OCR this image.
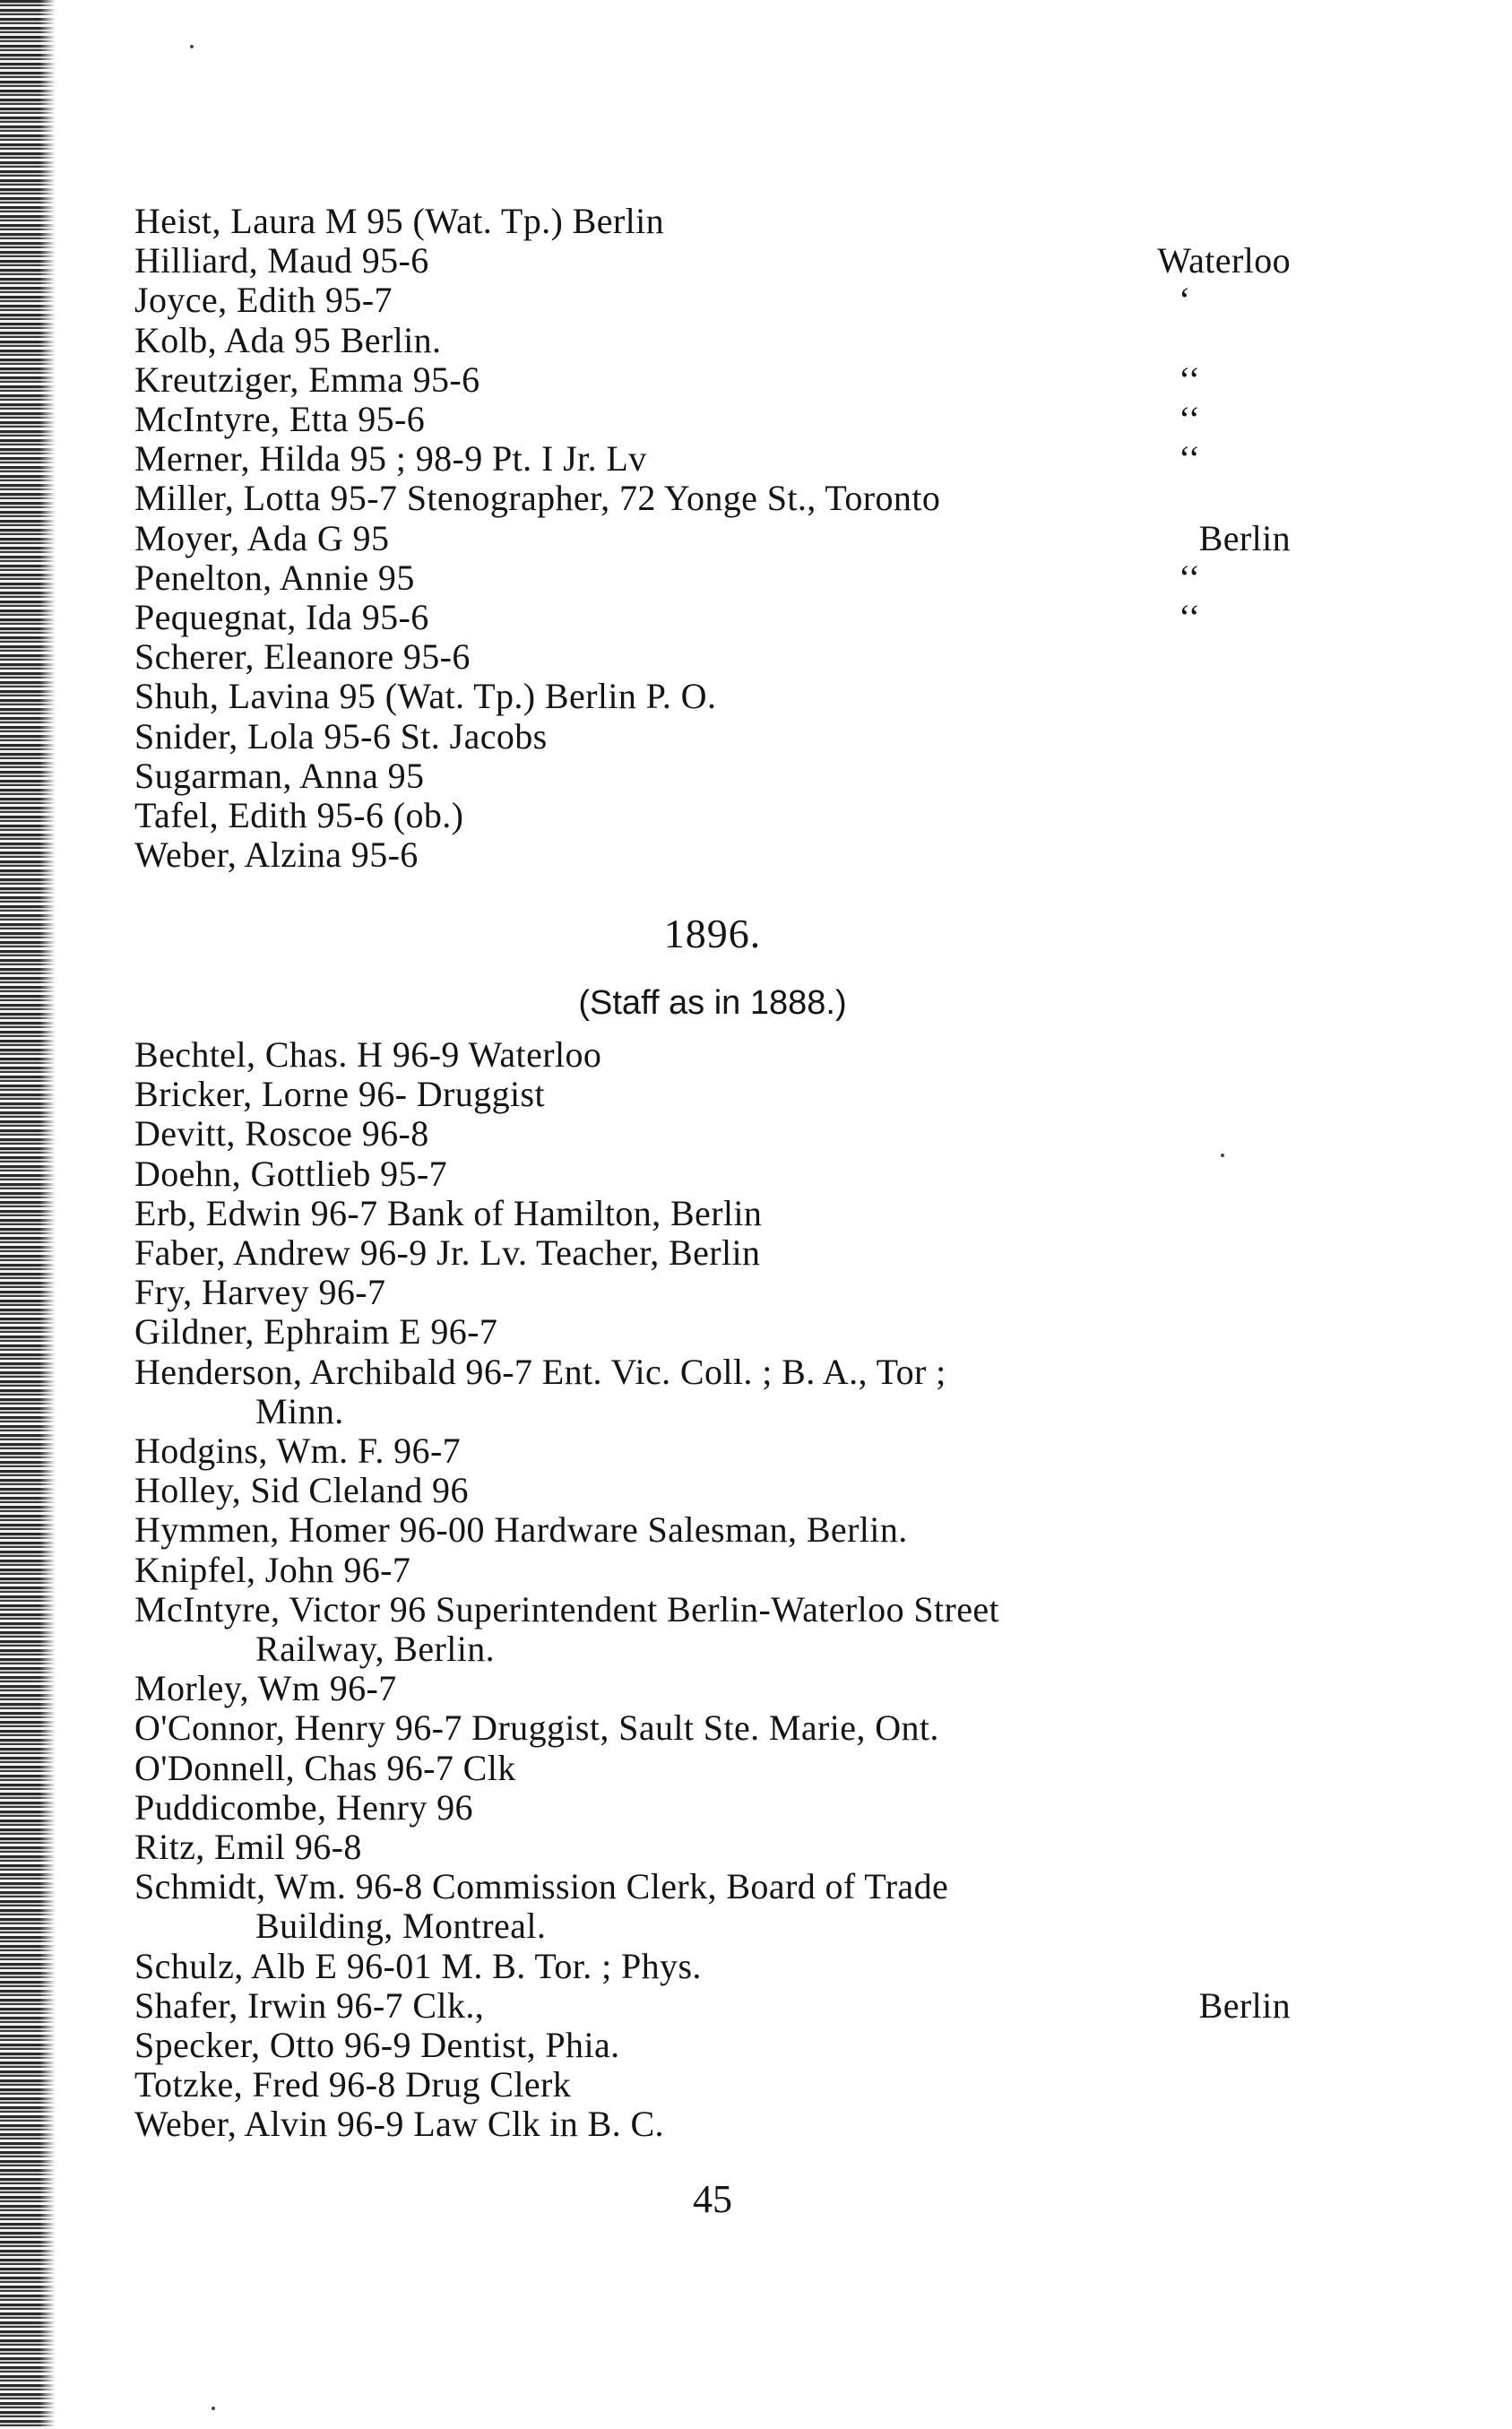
Heist, Laura M 95 (Wat. Tp.) Berlin
Hilliard, Maud 95-6	Waterloo
Joyce, Edith 95-7	‘
Kolb, Ada 95 Berlin.
Kreutziger, Emma 95-6	‘‘
McIntyre, Etta 95-6	‘‘
Merner, Hilda 95 ; 98-9 Pt. I Jr. Lv	‘‘
Miller, Lotta 95-7 Stenographer, 72 Yonge St., Toronto
Moyer, Ada G 95	Berlin
Penelton, Annie 95	‘‘
Pequegnat, Ida 95-6	‘‘
Scherer, Eleanore 95-6
Shuh, Lavina 95 (Wat. Tp.) Berlin P. O.
Snider, Lola 95-6 St. Jacobs
Sugarman, Anna 95
Tafel, Edith 95-6 (ob.)
Weber, Alzina 95-6
1896.
(Staff as in 1888.)
Bechtel, Chas. H 96-9 Waterloo
Bricker, Lorne 96- Druggist
Devitt, Roscoe 96-8
Doehn, Gottlieb 95-7
Erb, Edwin 96-7 Bank of Hamilton, Berlin
Faber, Andrew 96-9 Jr. Lv. Teacher, Berlin
Fry, Harvey 96-7
Gildner, Ephraim E 96-7
Henderson, Archibald 96-7 Ent. Vic. Coll. ; B. A., Tor ;
Minn.
Hodgins, Wm. F. 96-7
Holley, Sid Cleland 96
Hymmen, Homer 96-00 Hardware Salesman, Berlin.
Knipfel, John 96-7
McIntyre, Victor 96 Superintendent Berlin-Waterloo Street
Railway, Berlin.
Morley, Wm 96-7
O'Connor, Henry 96-7 Druggist, Sault Ste. Marie, Ont.
O'Donnell, Chas 96-7 Clk
Puddicombe, Henry 96
Ritz, Emil 96-8
Schmidt, Wm. 96-8 Commission Clerk, Board of Trade
Building, Montreal.
Schulz, Alb E 96-01 M. B. Tor. ; Phys.
Shafer, Irwin 96-7 Clk.,	Berlin
Specker, Otto 96-9 Dentist, Phia.
Totzke, Fred 96-8 Drug Clerk
Weber, Alvin 96-9 Law Clk in B. C.
45
